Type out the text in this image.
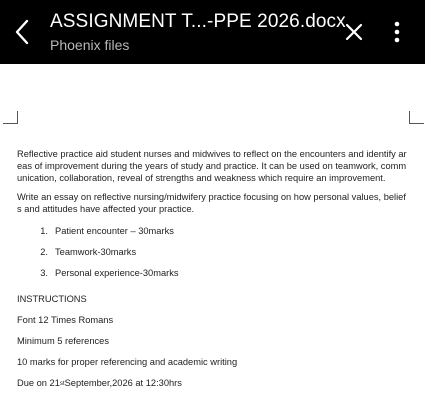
ASSIGNMENT T...-PPE 2026.docx
Phoenix files

Reflective practice aid student nurses and midwives to reflect on the encounters and identify areas of improvement during the years of study and practice. It can be used on teamwork, communication, collaboration, reveal of strengths and weakness which require an improvement.

Write an essay on reflective nursing/midwifery practice focusing on how personal values, beliefs and attitudes have affected your practice.

1. Patient encounter – 30marks
2. Teamwork-30marks
3. Personal experience-30marks
INSTRUCTIONS
Font 12 Times Romans
Minimum 5 references
10 marks for proper referencing and academic writing
Due on 21 st September,2026 at 12:30hrs
